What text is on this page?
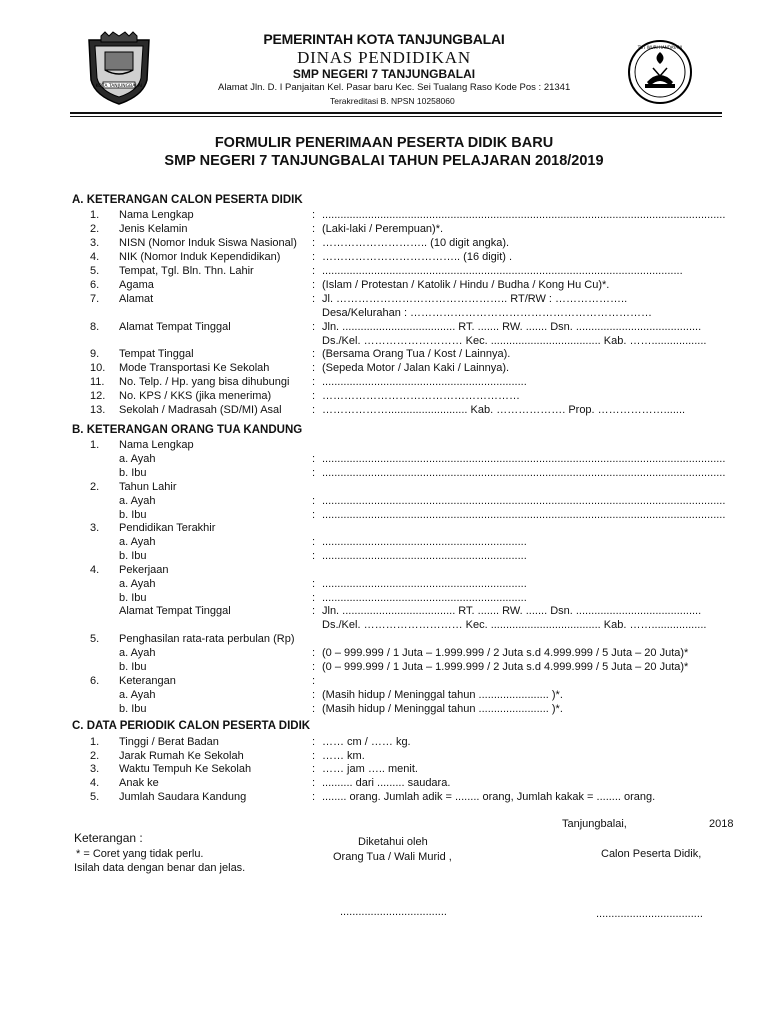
KOTA TANJUNGBALAI
TUT WURI HANDAYANI
PEMERINTAH KOTA TANJUNGBALAI
DINAS PENDIDIKAN
SMP NEGERI 7 TANJUNGBALAI
Alamat Jln. D. I Panjaitan Kel. Pasar baru Kec. Sei Tualang Raso Kode Pos : 21341
Terakreditasi B. NPSN 10258060
FORMULIR PENERIMAAN PESERTA DIDIK BARU
SMP NEGERI 7 TANJUNGBALAI TAHUN PELAJARAN 2018/2019
A. KETERANGAN CALON PESERTA DIDIK
1. Nama Lengkap	: ....................................................................................................................................
2. Jenis Kelamin	: (Laki-laki / Perempuan)*.
3. NISN (Nomor Induk Siswa Nasional) : ……………………….. (10 digit angka).
4. NIK (Nomor Induk Kependidikan)	: ……………………………….. (16 digit) .
5. Tempat, Tgl. Bln. Thn. Lahir	: ......................................................................................................................
6. Agama	: (Islam / Protestan / Katolik / Hindu / Budha / Kong Hu Cu)*.
7. Alamat	: Jl. ……………………………………….. RT/RW : ………………..
Desa/Kelurahan : …………………………………………………………
8. Alamat Tempat Tinggal	: Jln. ..................................... RT. ....... RW. ....... Dsn. .........................................
Ds./Kel. ……………………… Kec. .................................... Kab. ……..................
9. Tempat Tinggal	: (Bersama Orang Tua / Kost / Lainnya).
10. Mode Transportasi Ke Sekolah	: (Sepeda Motor / Jalan Kaki / Lainnya).
11. No. Telp. / Hp. yang bisa dihubungi : ...................................................................
12. No. KPS / KKS (jika menerima)	: ………………………………………………
13. Sekolah / Madrasah (SD/MI) Asal	: ……………….......................... Kab. ………………. Prop. ……………….......
B. KETERANGAN ORANG TUA KANDUNG
1. Nama Lengkap
a. Ayah	: ....................................................................................................................................
b. Ibu	: ....................................................................................................................................
2. Tahun Lahir
a. Ayah	: ....................................................................................................................................
b. Ibu	: ....................................................................................................................................
3. Pendidikan Terakhir
a. Ayah	: ...................................................................
b. Ibu	: ...................................................................
4. Pekerjaan
a. Ayah	: ...................................................................
b. Ibu	: ...................................................................
Alamat Tempat Tinggal	: Jln. ..................................... RT. ....... RW. ....... Dsn. .........................................
Ds./Kel. ……………………… Kec. .................................... Kab. ……..................
5. Penghasilan rata-rata perbulan (Rp)
a. Ayah	: (0 – 999.999 / 1 Juta – 1.999.999 / 2 Juta s.d 4.999.999 / 5 Juta – 20 Juta)*
b. Ibu	: (0 – 999.999 / 1 Juta – 1.999.999 / 2 Juta s.d 4.999.999 / 5 Juta – 20 Juta)*
6. Keterangan	:
a. Ayah	: (Masih hidup / Meninggal tahun ....................... )*.
b. Ibu	: (Masih hidup / Meninggal tahun ....................... )*.
C. DATA PERIODIK CALON PESERTA DIDIK
1. Tinggi / Berat Badan	: …… cm / …… kg.
2. Jarak Rumah Ke Sekolah	: …… km.
3. Waktu Tempuh Ke Sekolah	: …… jam ….. menit.
4. Anak ke	: .......... dari ......... saudara.
5. Jumlah Saudara Kandung	: ........ orang. Jumlah adik = ........ orang, Jumlah kakak = ........ orang.
Tanjungbalai,	2018
Keterangan :	Diketahui oleh
* = Coret yang tidak perlu.	Orang Tua / Wali Murid ,	Calon Peserta Didik,
Isilah data dengan benar dan jelas.
...................................	...................................
